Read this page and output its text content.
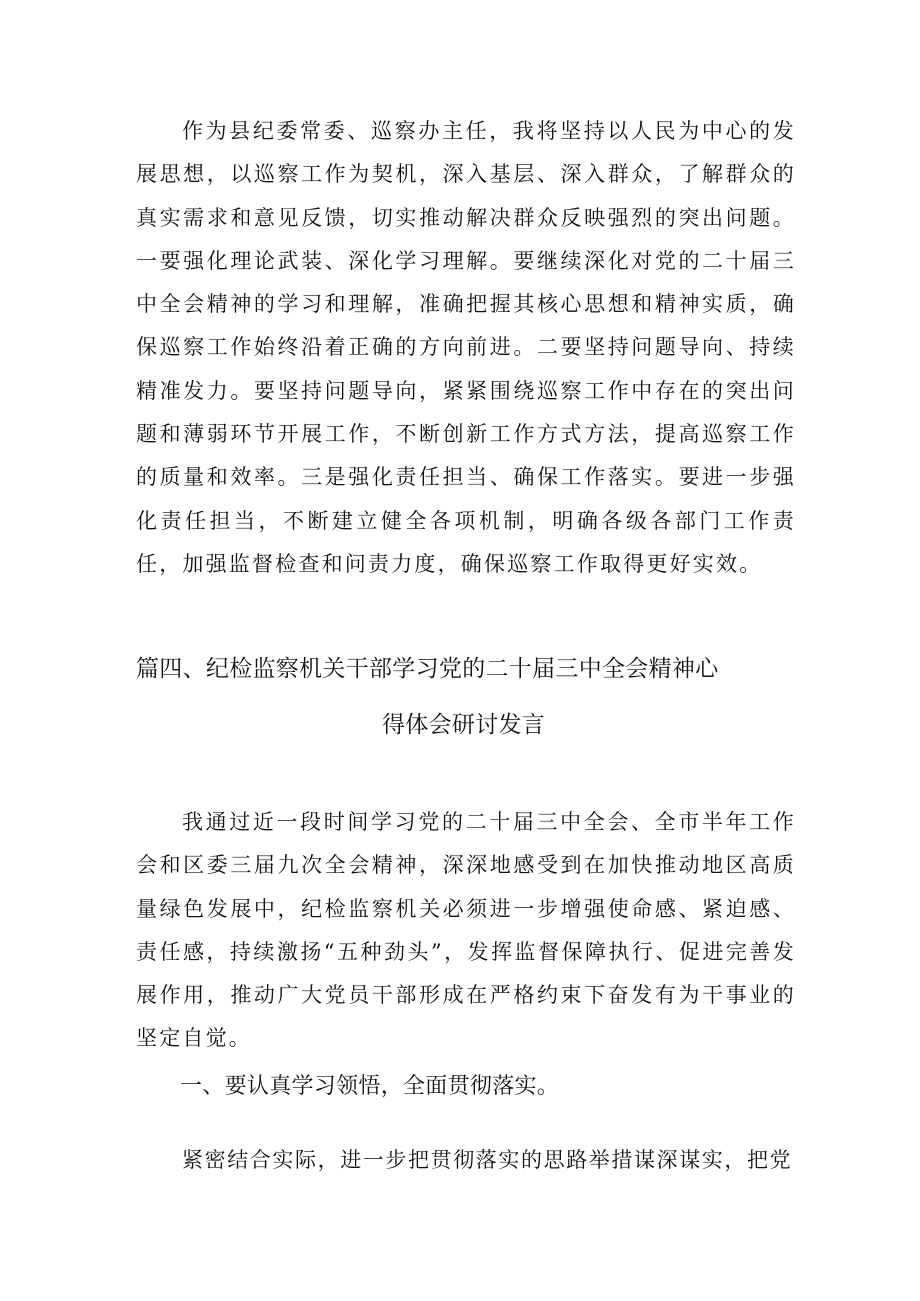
作为县纪委常委、巡察办主任，我将坚持以人民为中心的发展思想，以巡察工作为契机，深入基层、深入群众，了解群众的真实需求和意见反馈，切实推动解决群众反映强烈的突出问题。一要强化理论武装、深化学习理解。要继续深化对党的二十届三中全会精神的学习和理解，准确把握其核心思想和精神实质，确保巡察工作始终沿着正确的方向前进。二要坚持问题导向、持续精准发力。要坚持问题导向，紧紧围绕巡察工作中存在的突出问题和薄弱环节开展工作，不断创新工作方式方法，提高巡察工作的质量和效率。三是强化责任担当、确保工作落实。要进一步强化责任担当，不断建立健全各项机制，明确各级各部门工作责任，加强监督检查和问责力度，确保巡察工作取得更好实效。

篇四、纪检监察机关干部学习党的二十届三中全会精神心
得体会研讨发言

我通过近一段时间学习党的二十届三中全会、全市半年工作会和区委三届九次全会精神，深深地感受到在加快推动地区高质量绿色发展中，纪检监察机关必须进一步增强使命感、紧迫感、责任感，持续激扬“五种劲头”，发挥监督保障执行、促进完善发展作用，推动广大党员干部形成在严格约束下奋发有为干事业的坚定自觉。

一、要认真学习领悟，全面贯彻落实。

紧密结合实际，进一步把贯彻落实的思路举措谋深谋实，把党
